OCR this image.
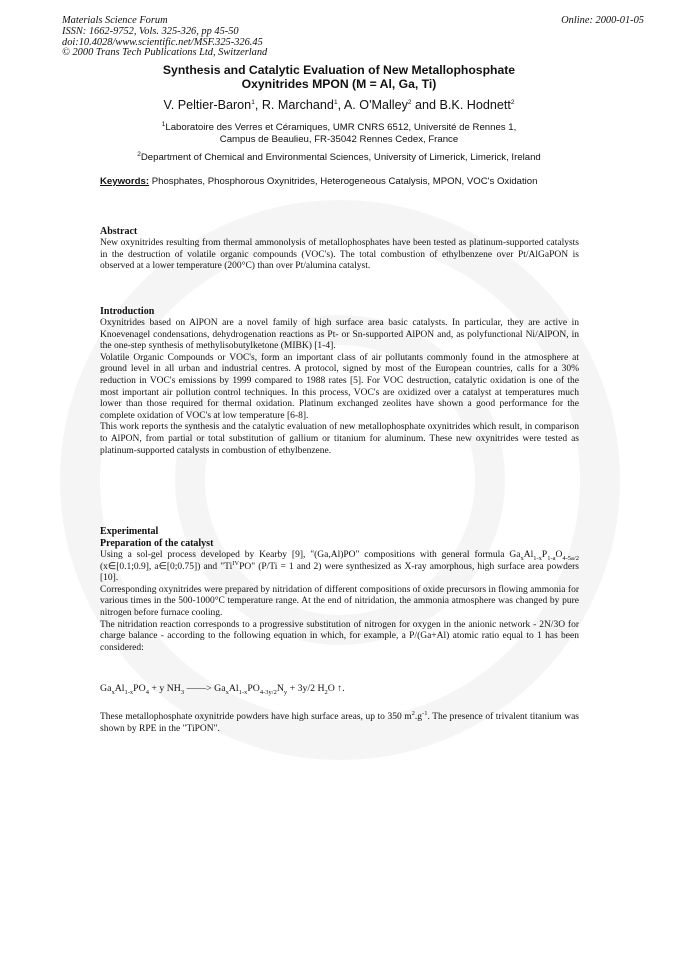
Materials Science Forum
ISSN: 1662-9752, Vols. 325-326, pp 45-50
doi:10.4028/www.scientific.net/MSF.325-326.45
© 2000 Trans Tech Publications Ltd, Switzerland
Online: 2000-01-05
Synthesis and Catalytic Evaluation of New Metallophosphate
Oxynitrides MPON (M = Al, Ga, Ti)
V. Peltier-Baron$^1$, R. Marchand$^1$, A. O'Malley$^2$ and B.K. Hodnett$^2$
$^1$Laboratoire des Verres et Céramiques, UMR CNRS 6512, Université de Rennes 1,
Campus de Beaulieu, FR-35042 Rennes Cedex, France
$^2$Department of Chemical and Environmental Sciences, University of Limerick, Limerick, Ireland
Keywords: Phosphates, Phosphorous Oxynitrides, Heterogeneous Catalysis, MPON, VOC's Oxidation
Abstract

New oxynitrides resulting from thermal ammonolysis of metallophosphates have been tested as platinum-supported catalysts in the destruction of volatile organic compounds (VOC's). The total combustion of ethylbenzene over Pt/AlGaPON is observed at a lower temperature (200°C) than over Pt/alumina catalyst.

Introduction

Oxynitrides based on AlPON are a novel family of high surface area basic catalysts. In particular, they are active in Knoevenagel condensations, dehydrogenation reactions as Pt- or Sn-supported AlPON and, as polyfunctional Ni/AlPON, in the one-step synthesis of methylisobutylketone (MIBK) [1-4].

Volatile Organic Compounds or VOC's, form an important class of air pollutants commonly found in the atmosphere at ground level in all urban and industrial centres. A protocol, signed by most of the European countries, calls for a 30% reduction in VOC's emissions by 1999 compared to 1988 rates [5]. For VOC destruction, catalytic oxidation is one of the most important air pollution control techniques. In this process, VOC's are oxidized over a catalyst at temperatures much lower than those required for thermal oxidation. Platinum exchanged zeolites have shown a good performance for the complete oxidation of VOC's at low temperature [6-8].

This work reports the synthesis and the catalytic evaluation of new metallophosphate oxynitrides which result, in comparison to AlPON, from partial or total substitution of gallium or titanium for aluminum. These new oxynitrides were tested as platinum-supported catalysts in combustion of ethylbenzene.

Experimental
Preparation of the catalyst

Using a sol-gel process developed by Kearby [9], "(Ga,Al)PO" compositions with general formula $Ga_xAl_{1-x}P_{1-a}O_{4-5a/2}$ (x∈[0.1;0.9], a∈[0;0.75]) and "$Ti^{IV}PO$" (P/Ti = 1 and 2) were synthesized as X-ray amorphous, high surface area powders [10].

Corresponding oxynitrides were prepared by nitridation of different compositions of oxide precursors in flowing ammonia for various times in the 500-1000°C temperature range. At the end of nitridation, the ammonia atmosphere was changed by pure nitrogen before furnace cooling.

The nitridation reaction corresponds to a progressive substitution of nitrogen for oxygen in the anionic network - 2N/3O for charge balance - according to the following equation in which, for example, a P/(Ga+Al) atomic ratio equal to 1 has been considered:

$Ga_xAl_{1-x}PO_4 + y$ $NH_3$ ——> $Ga_xAl_{1-x}PO_{4-3y/2}N_y + 3y/2$ $H_2O$ ↑.

These metallophosphate oxynitride powders have high surface areas, up to 350 $m^2.g^{-1}$. The presence of trivalent titanium was shown by RPE in the "TiPON".
